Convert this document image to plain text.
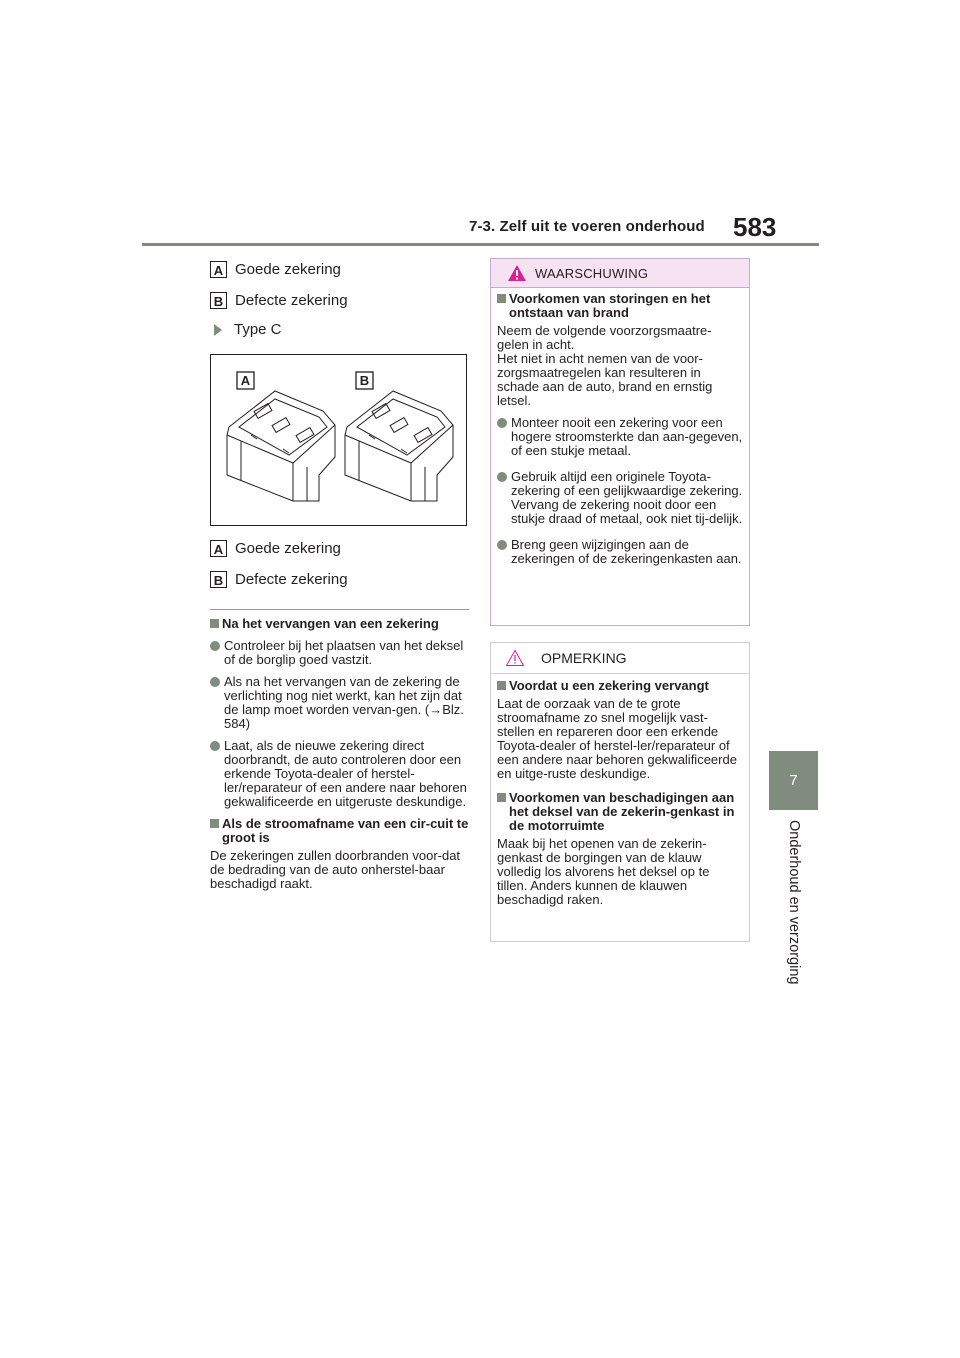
7-3. Zelf uit te voeren onderhoud 583
7
Onderhoud en verzorging
A Goede zekering
B Defecte zekering
Type C
A	B
A Goede zekering
B Defecte zekering
Na het vervangen van een zekering
Controleer bij het plaatsen van het deksel of de borglip goed vastzit.
Als na het vervangen van de zekering de verlichting nog niet werkt, kan het zijn dat de lamp moet worden vervan-gen. (→Blz. 584)
Laat, als de nieuwe zekering direct doorbrandt, de auto controleren door een erkende Toyota-dealer of herstel-ler/reparateur of een andere naar behoren gekwalificeerde en uitgeruste deskundige.
Als de stroomafname van een cir-cuit te groot is
De zekeringen zullen doorbranden voor-dat de bedrading van de auto onherstel-baar beschadigd raakt.
WAARSCHUWING
Voorkomen van storingen en het ontstaan van brand
Neem de volgende voorzorgsmaatre-gelen in acht.
Het niet in acht nemen van de voor-zorgsmaatregelen kan resulteren in schade aan de auto, brand en ernstig letsel.
Monteer nooit een zekering voor een hogere stroomsterkte dan aan-gegeven, of een stukje metaal.
Gebruik altijd een originele Toyota-zekering of een gelijkwaardige zekering.
Vervang de zekering nooit door een stukje draad of metaal, ook niet tij-delijk.
Breng geen wijzigingen aan de zekeringen of de zekeringenkasten aan.
OPMERKING
Voordat u een zekering vervangt
Laat de oorzaak van de te grote stroomafname zo snel mogelijk vast-stellen en repareren door een erkende Toyota-dealer of herstel-ler/reparateur of een andere naar behoren gekwalificeerde en uitge-ruste deskundige.
Voorkomen van beschadigingen aan het deksel van de zekerin-genkast in de motorruimte
Maak bij het openen van de zekerin-genkast de borgingen van de klauw volledig los alvorens het deksel op te tillen. Anders kunnen de klauwen beschadigd raken.
